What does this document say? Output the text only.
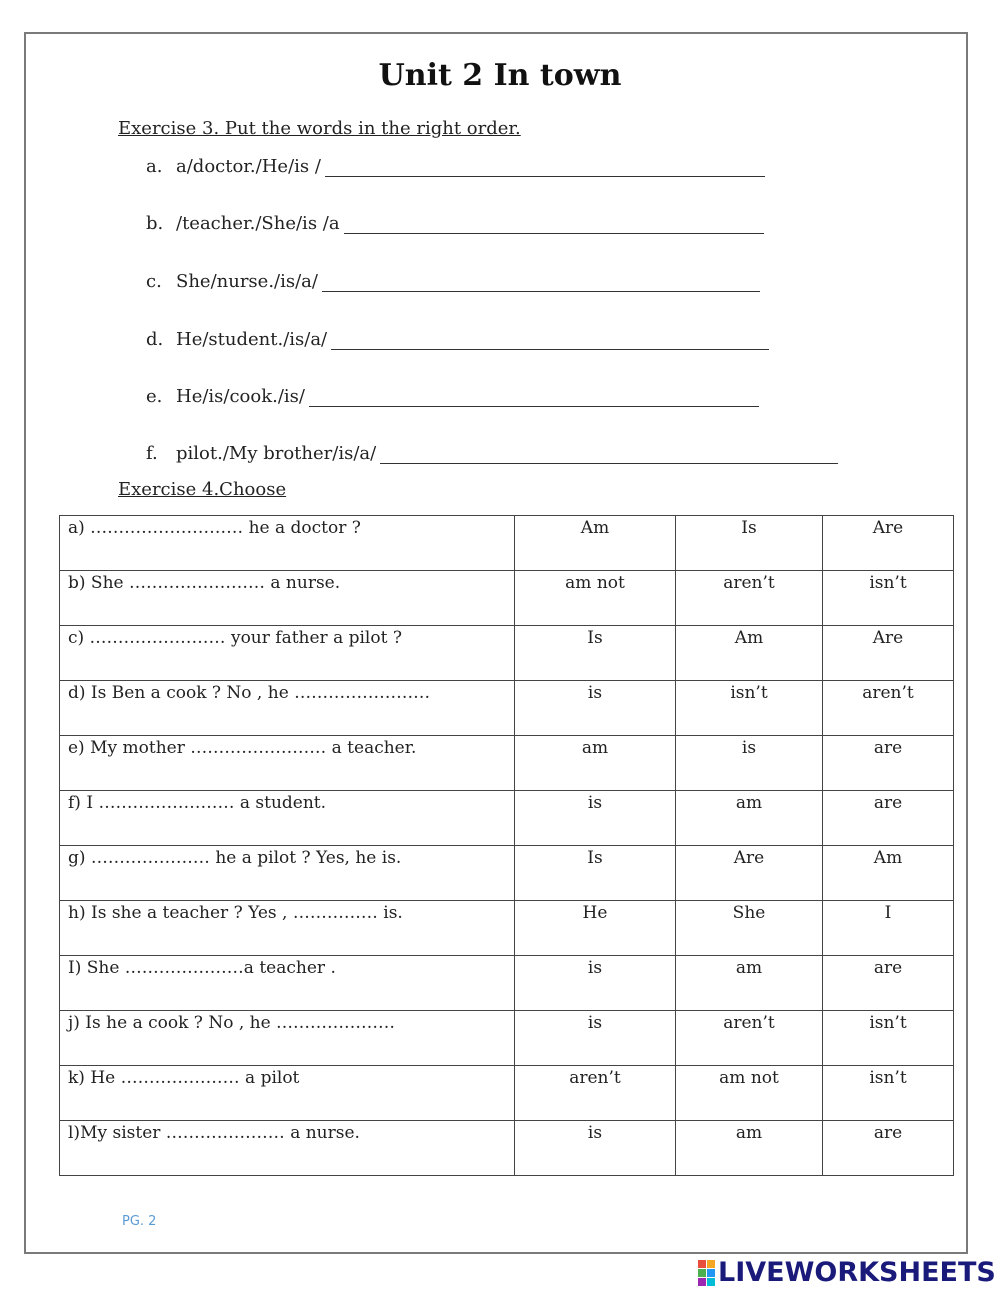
Unit 2 In town
Exercise 3. Put the words in the right order.
a. a/doctor./He/is /
b. /teacher./She/is /a
c. She/nurse./is/a/
d. He/student./is/a/
e. He/is/cook./is/
f.	pilot./My brother/is/a/
Exercise 4.Choose
a) ……………………… he a doctor ?	Am	Is	Are
b) She …………………… a nurse.	am not	aren’t	isn’t
c) …………………… your father a pilot ?	Is	Am	Are
d) Is Ben a cook ? No , he ……………………	is	isn’t	aren’t
e) My mother …………………… a teacher.	am	is	are
f) I …………………… a student.	is	am	are
g) ………………… he a pilot ? Yes, he is.	Is	Are	Am
h) Is she a teacher ? Yes , …………… is.	He	She	I
I) She …………………a teacher .	is	am	are
j) Is he a cook ? No , he …………………	is	aren’t	isn’t
k) He ………………… a pilot	aren’t	am not	isn’t
l)My sister ………………… a nurse.	is	am	are
PG. 2
LIVEWORKSHEETS
